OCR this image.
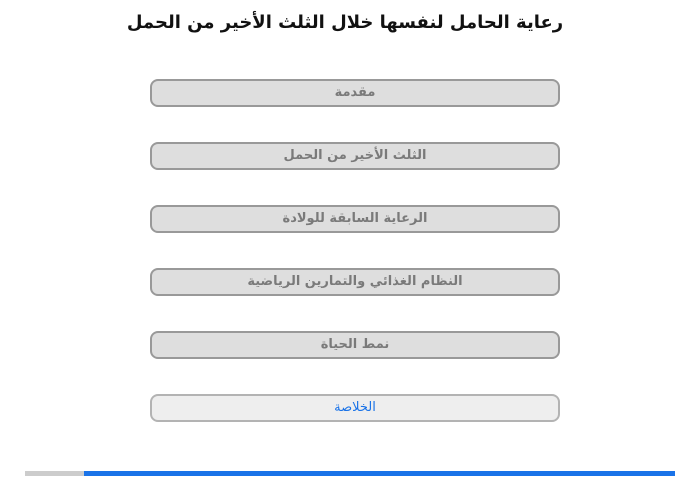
رعاية الحامل لنفسها خلال الثلث الأخير من الحمل
مقدمة
الثلث الأخير من الحمل
الرعاية السابقة للولادة
النظام الغذائي والتمارين الرياضية
نمط الحياة
الخلاصة
